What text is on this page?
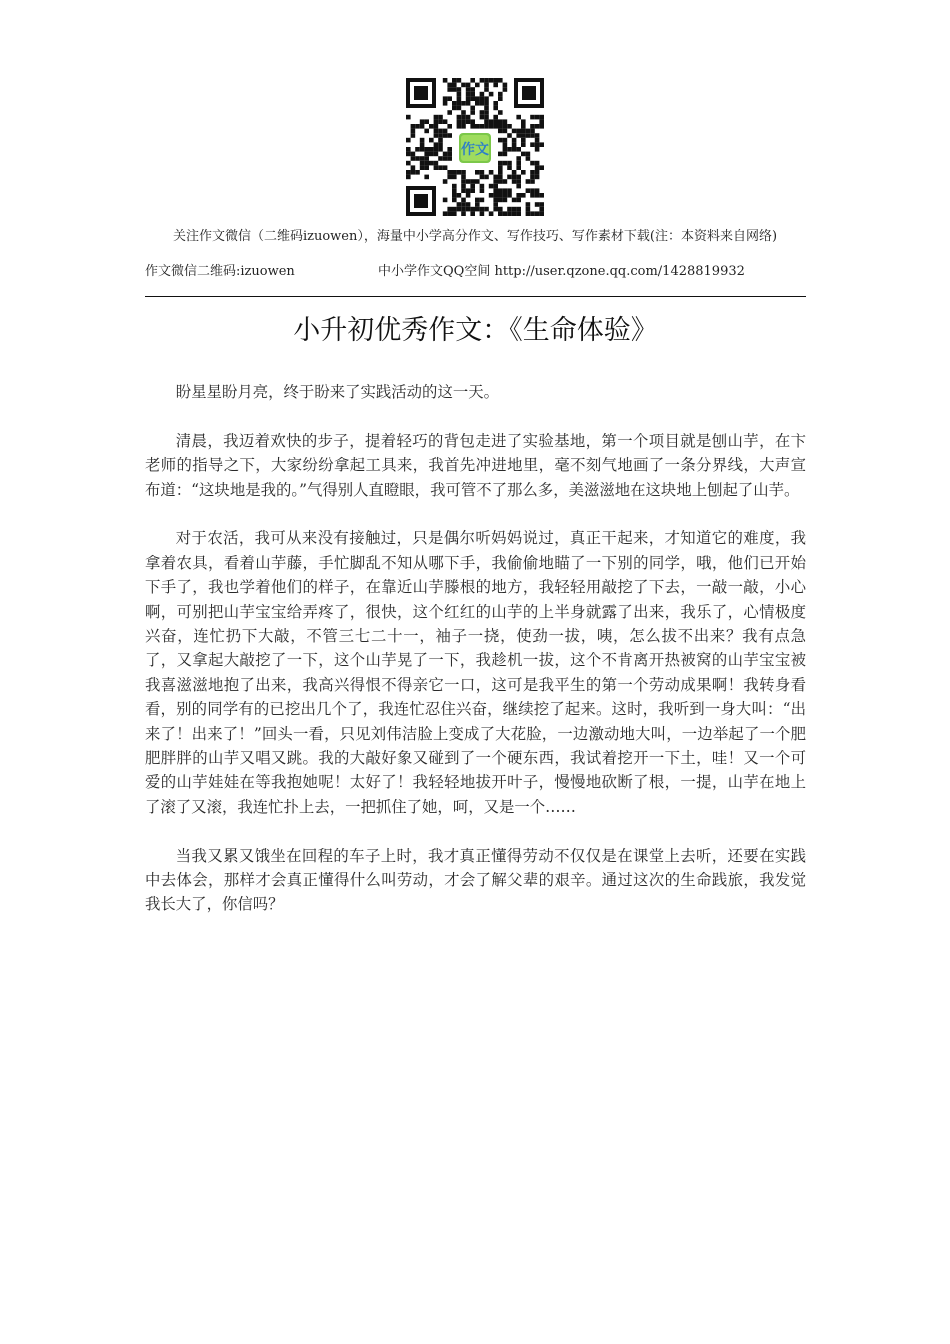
作文
关注作文微信（二维码izuowen），海量中小学高分作文、写作技巧、写作素材下载(注：本资料来自网络)
作文微信二维码:izuowen	中小学作文QQ空间 http://user.qzone.qq.com/1428819932
小升初优秀作文：《生命体验》

盼星星盼月亮，终于盼来了实践活动的这一天。

清晨，我迈着欢快的步子，提着轻巧的背包走进了实验基地，第一个项目就是刨山芋，在卞老师的指导之下，大家纷纷拿起工具来，我首先冲进地里，毫不刻气地画了一条分界线，大声宣布道：“这块地是我的。”气得别人直瞪眼，我可管不了那么多，美滋滋地在这块地上刨起了山芋。

对于农活，我可从来没有接触过，只是偶尔听妈妈说过，真正干起来，才知道它的难度，我拿着农具，看着山芋藤，手忙脚乱不知从哪下手，我偷偷地瞄了一下别的同学，哦，他们已开始下手了，我也学着他们的样子，在靠近山芋滕根的地方，我轻轻用敲挖了下去，一敲一敲，小心啊，可别把山芋宝宝给弄疼了，很快，这个红红的山芋的上半身就露了出来，我乐了，心情极度兴奋，连忙扔下大敲，不管三七二十一，袖子一挠，使劲一拔，咦，怎么拔不出来？我有点急了，又拿起大敲挖了一下，这个山芋晃了一下，我趁机一拔，这个不肯离开热被窝的山芋宝宝被我喜滋滋地抱了出来，我高兴得恨不得亲它一口，这可是我平生的第一个劳动成果啊！我转身看看，别的同学有的已挖出几个了，我连忙忍住兴奋，继续挖了起来。这时，我听到一身大叫：“出来了！出来了！”回头一看，只见刘伟洁脸上变成了大花脸，一边激动地大叫，一边举起了一个肥肥胖胖的山芋又唱又跳。我的大敲好象又碰到了一个硬东西，我试着挖开一下土，哇！又一个可爱的山芋娃娃在等我抱她呢！太好了！我轻轻地拔开叶子，慢慢地砍断了根，一提，山芋在地上了滚了又滚，我连忙扑上去，一把抓住了她，呵，又是一个……

当我又累又饿坐在回程的车子上时，我才真正懂得劳动不仅仅是在课堂上去听，还要在实践中去体会，那样才会真正懂得什么叫劳动，才会了解父辈的艰辛。通过这次的生命践旅，我发觉我长大了，你信吗？
